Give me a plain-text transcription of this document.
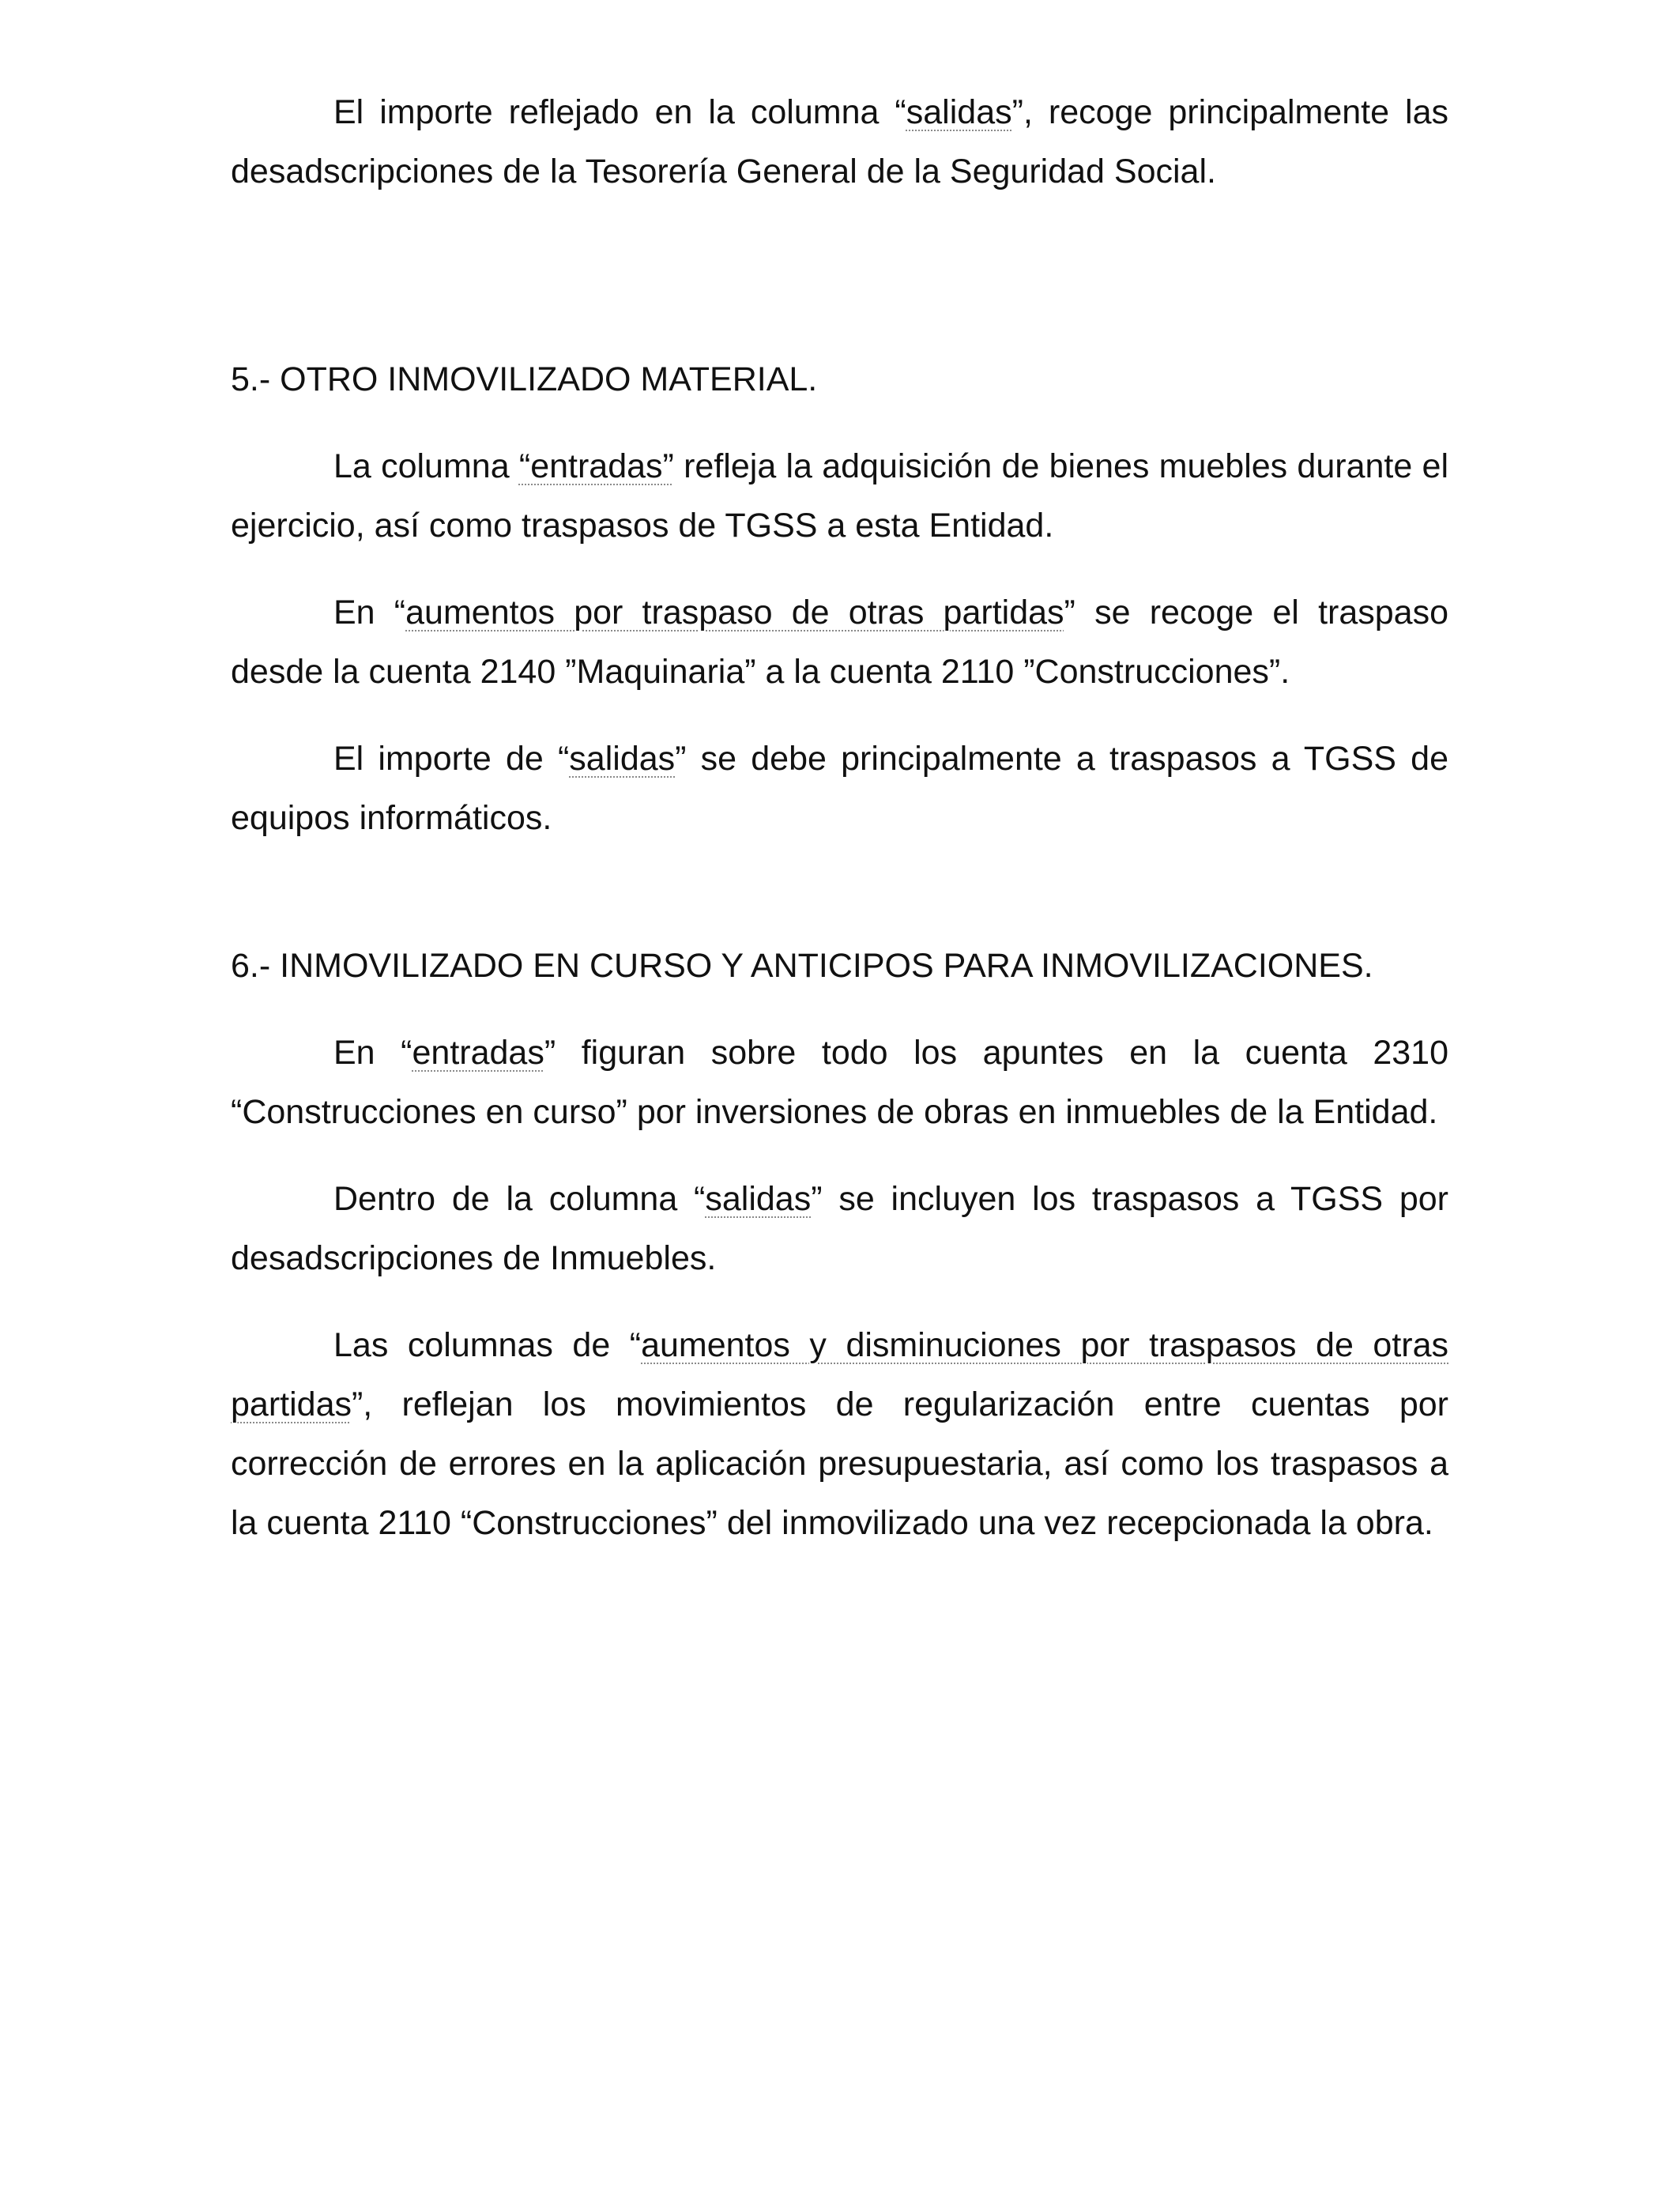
El importe reflejado en la columna “salidas”, recoge principalmente las desadscripciones de la Tesorería General de la Seguridad Social.

5.- OTRO INMOVILIZADO MATERIAL.

La columna “entradas” refleja la adquisición de bienes muebles durante el ejercicio, así como traspasos de TGSS a esta Entidad.

En “aumentos por traspaso de otras partidas” se recoge el traspaso desde la cuenta 2140 ”Maquinaria” a la cuenta 2110 ”Construcciones”.

El importe de “salidas” se debe principalmente a traspasos a TGSS de equipos informáticos.

6.- INMOVILIZADO EN CURSO Y ANTICIPOS PARA INMOVILIZACIONES.

En “entradas” figuran sobre todo los apuntes en la cuenta 2310 “Construcciones en curso” por inversiones de obras en inmuebles de la Entidad.

Dentro de la columna “salidas” se incluyen los traspasos a TGSS por desadscripciones de Inmuebles.

Las columnas de “aumentos y disminuciones por traspasos de otras partidas”, reflejan los movimientos de regularización entre cuentas por corrección de errores en la aplicación presupuestaria, así como los traspasos a la cuenta 2110 “Construcciones” del inmovilizado una vez recepcionada la obra.
